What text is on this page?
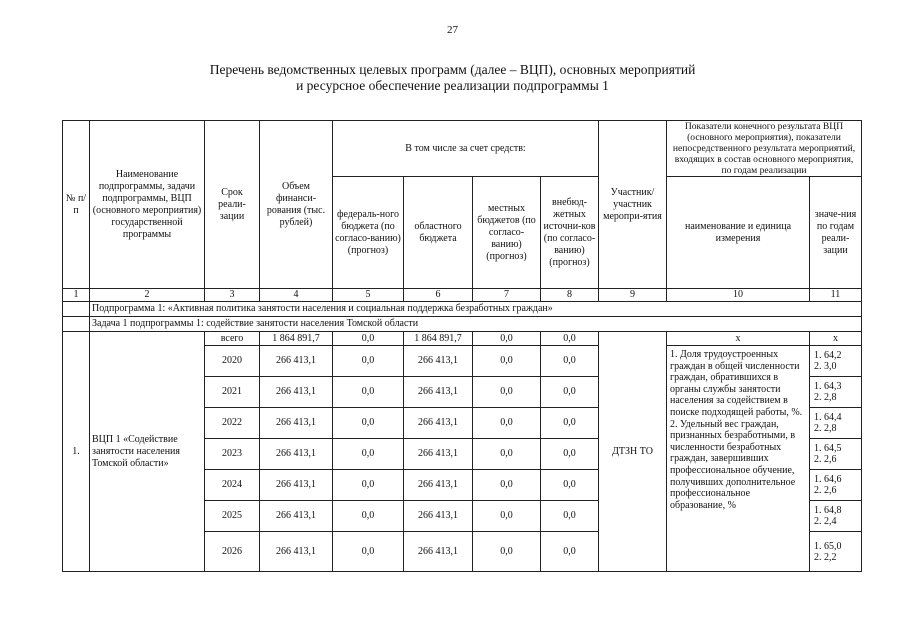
27
Перечень ведомственных целевых программ (далее – ВЦП), основных мероприятий
и ресурсное обеспечение реализации подпрограммы 1
№ п/п	Наименование подпрограммы, задачи подпрограммы, ВЦП (основного мероприятия) государственной программы	Срок реали-зации	Объем финанси-рования (тыс. рублей)	В том числе за счет средств:				Участник/ участник меропри-ятия	Показатели конечного результата ВЦП (основного мероприятия), показатели непосредственного результата мероприятий, входящих в состав основного мероприятия, по годам реализации	
				федераль-ного бюджета (по согласо-ванию) (прогноз)	областного бюджета	местных бюджетов (по согласо-ванию) (прогноз)	внебюд-жетных источни-ков (по согласо-ванию) (прогноз)		наименование и единица измерения	значе-ния по годам реали-зации
1	2	3	4	5	6	7	8	9	10	11
	Подпрограмма 1: «Активная политика занятости населения и социальная поддержка безработных граждан»									
	Задача 1 подпрограммы 1: содействие занятости населения Томской области									
1.	ВЦП 1 «Содействие занятости населения Томской области»	всего	1 864 891,7	0,0	1 864 891,7	0,0	0,0	ДТЗН ТО	х	х
		2020	266 413,1	0,0	266 413,1	0,0	0,0		1. Доля трудоустроенных граждан в общей численности граждан, обратившихся в органы службы занятости населения за содействием в поиске подходящей работы, %. 2. Удельный вес граждан, признанных безработными, в численности безработных граждан, завершивших профессиональное обучение, получивших дополнительное профессиональное образование, %	1. 64,2
2. 3,0

		2021	266 413,1	0,0	266 413,1	0,0	0,0			1. 64,3
2. 2,8

		2022	266 413,1	0,0	266 413,1	0,0	0,0			1. 64,4
2. 2,8

		2023	266 413,1	0,0	266 413,1	0,0	0,0			1. 64,5
2. 2,6

		2024	266 413,1	0,0	266 413,1	0,0	0,0			1. 64,6
2. 2,6

		2025	266 413,1	0,0	266 413,1	0,0	0,0			1. 64,8
2. 2,4

		2026	266 413,1	0,0	266 413,1	0,0	0,0			1. 65,0
2. 2,2
